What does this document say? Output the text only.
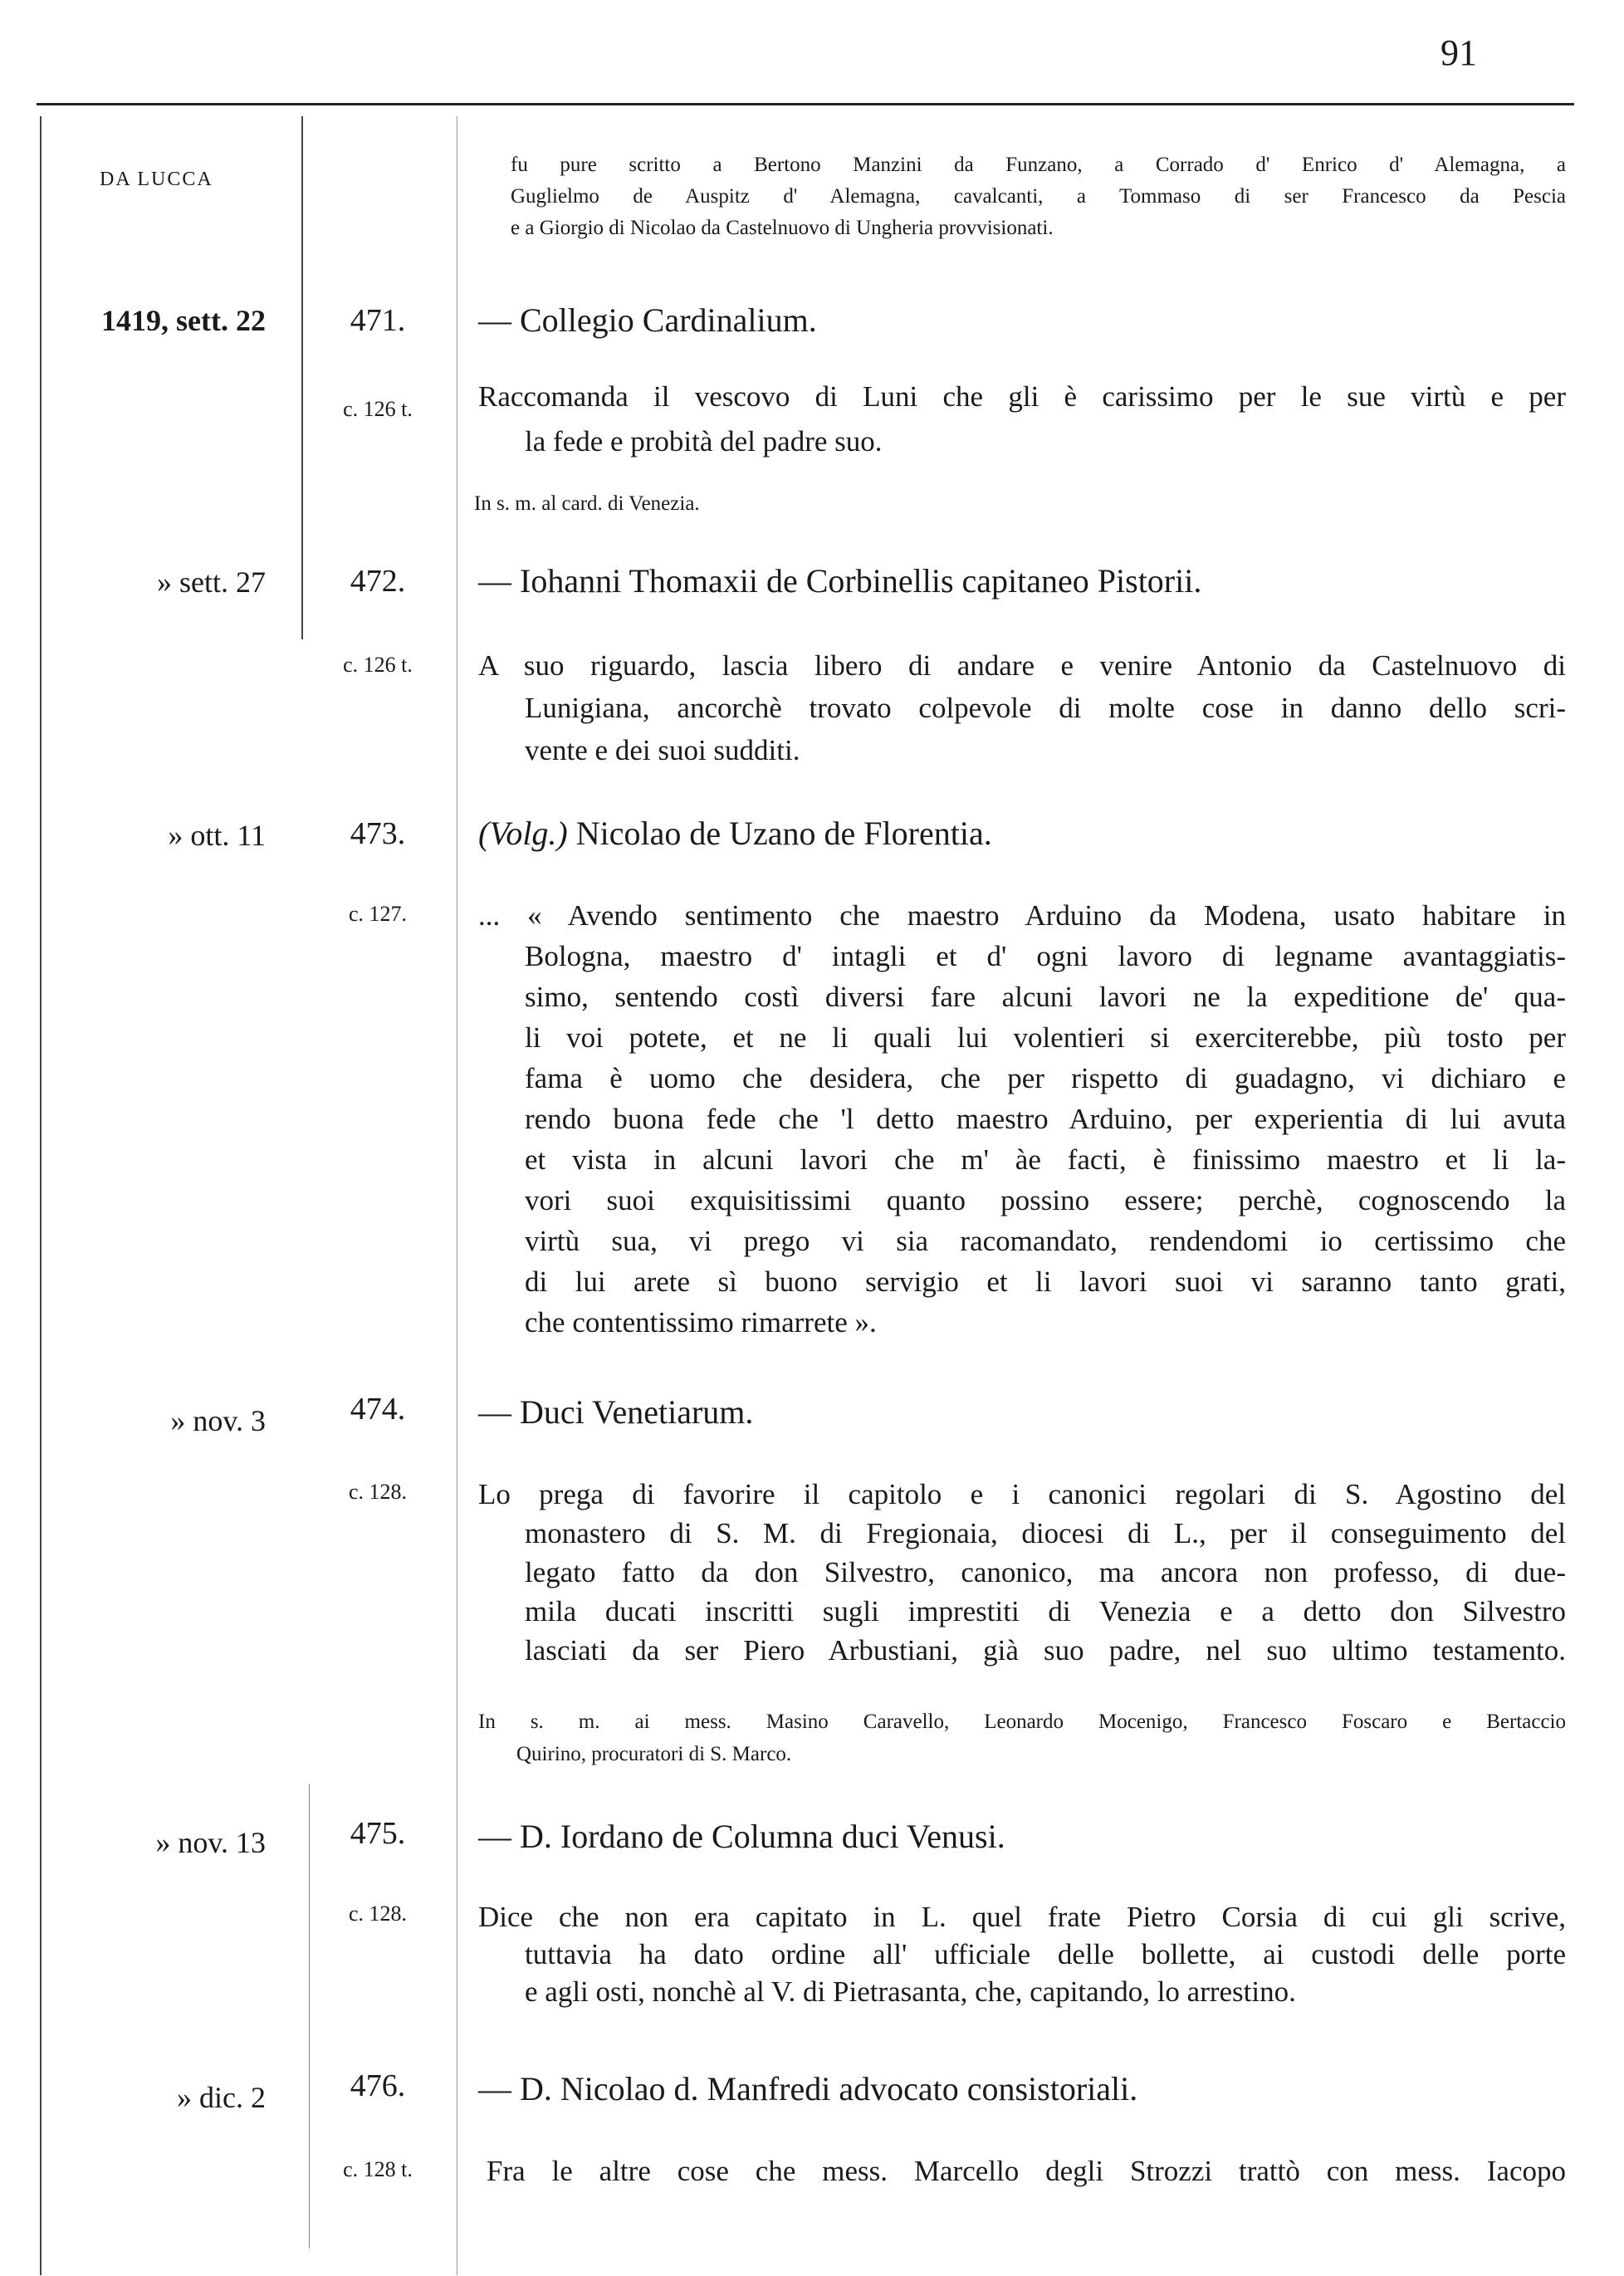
91
DA LUCCA
fu pure scritto a Bertono Manzini da Funzano, a Corrado d' Enrico d' Alemagna, a
Guglielmo de Auspitz d' Alemagna, cavalcanti, a Tommaso di ser Francesco da Pescia
e a Giorgio di Nicolao da Castelnuovo di Ungheria provvisionati.
1419, sett. 22	471.	— Collegio Cardinalium.
c. 126 t.	Raccomanda il vescovo di Luni che gli è carissimo per le sue virtù e per
la fede e probità del padre suo.
In s. m. al card. di Venezia.
» sett. 27	472.	— Iohanni Thomaxii de Corbinellis capitaneo Pistorii.
c. 126 t.	A suo riguardo, lascia libero di andare e venire Antonio da Castelnuovo di
Lunigiana, ancorchè trovato colpevole di molte cose in danno dello scri-
vente e dei suoi sudditi.
» ott. 11	473.	(Volg.) Nicolao de Uzano de Florentia.
c. 127.	... « Avendo sentimento che maestro Arduino da Modena, usato habitare in
Bologna, maestro d' intagli et d' ogni lavoro di legname avantaggiatis-
simo, sentendo costì diversi fare alcuni lavori ne la expeditione de' qua-
li voi potete, et ne li quali lui volentieri si exerciterebbe, più tosto per
fama è uomo che desidera, che per rispetto di guadagno, vi dichiaro e
rendo buona fede che 'l detto maestro Arduino, per experientia di lui avuta
et vista in alcuni lavori che m' àe facti, è finissimo maestro et li la-
vori suoi exquisitissimi quanto possino essere; perchè, cognoscendo la
virtù sua, vi prego vi sia racomandato, rendendomi io certissimo che
di lui arete sì buono servigio et li lavori suoi vi saranno tanto grati,
che contentissimo rimarrete ».
» nov. 3	474.	— Duci Venetiarum.
c. 128.	Lo prega di favorire il capitolo e i canonici regolari di S. Agostino del
monastero di S. M. di Fregionaia, diocesi di L., per il conseguimento del
legato fatto da don Silvestro, canonico, ma ancora non professo, di due-
mila ducati inscritti sugli imprestiti di Venezia e a detto don Silvestro
lasciati da ser Piero Arbustiani, già suo padre, nel suo ultimo testamento.
In s. m. ai mess. Masino Caravello, Leonardo Mocenigo, Francesco Foscaro e Bertaccio
Quirino, procuratori di S. Marco.
» nov. 13	475.	— D. Iordano de Columna duci Venusi.
c. 128.	Dice che non era capitato in L. quel frate Pietro Corsia di cui gli scrive,
tuttavia ha dato ordine all' ufficiale delle bollette, ai custodi delle porte
e agli osti, nonchè al V. di Pietrasanta, che, capitando, lo arrestino.
» dic. 2	476.	— D. Nicolao d. Manfredi advocato consistoriali.
c. 128 t.	Fra le altre cose che mess. Marcello degli Strozzi trattò con mess. Iacopo
